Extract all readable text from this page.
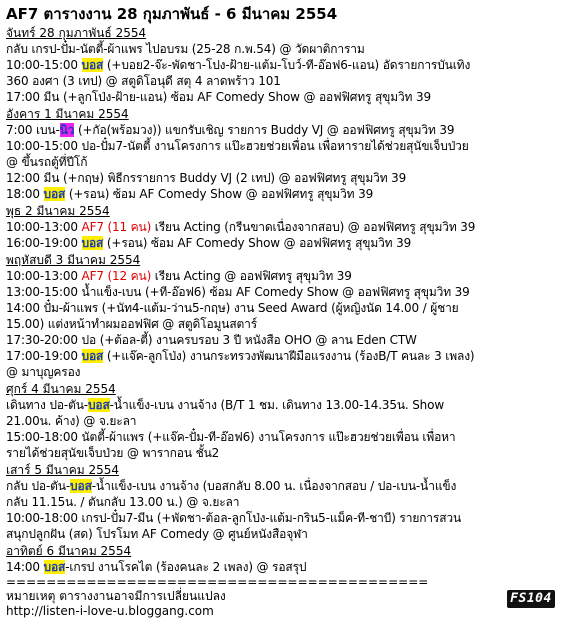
AF7 ตารางงาน 28 กุมภาพันธ์ - 6 มีนาคม 2554
จันทร์ 28 กุมภาพันธ์ 2554
กลับ เกรป-ปั๋ม-นัตตี้-ผ้าแพร ไปอบรม (25-28 ก.พ.54) @ วัดผาติการาม
10:00-15:00 บอส (+บอย2-จ๊ะ-พัดชา-โปง-ฝ้าย-แต้ม-โบว์-ที-อ๊อฟ6-แอน) อัดรายการบันเทิง
360 องศา (3 เทป) @ สตูดิโอนุดี สตุ 4 ลาดพร้าว 101
17:00 มีน (+ลูกโป่ง-ฝ้าย-แอน) ซ้อม AF Comedy Show @ ออฟฟิศทรู สุขุมวิท 39
อังคาร 1 มีนาคม 2554
7:00 เบน-นิว (+กัอ(พร้อมวง)) แขกรับเชิญ รายการ Buddy VJ @ ออฟฟิศทรู สุขุมวิท 39
10:00-15:00 ปอ-ปั๋ม7-นัตตี้ งานโครงการ แป๊ะฮวยช่วยเพื่อน เพื่อหารายได้ช่วยสุนัขเจ็บป่วย
@ ขึ้นรถตู้ที่ปีโก้
12:00 มีน (+กฤษ) พิธีกรรายการ Buddy VJ (2 เทป) @ ออฟฟิศทรู สุขุมวิท 39
18:00 บอส (+รอน) ซ้อม AF Comedy Show @ ออฟฟิศทรู สุขุมวิท 39
พุธ 2 มีนาคม 2554
10:00-13:00 AF7 (11 คน) เรียน Acting (กรีนขาดเนื่องจากสอบ) @ ออฟฟิศทรู สุขุมวิท 39
16:00-19:00 บอส (+รอน) ซ้อม AF Comedy Show @ ออฟฟิศทรู สุขุมวิท 39
พฤหัสบดี 3 มีนาคม 2554
10:00-13:00 AF7 (12 คน) เรียน Acting @ ออฟฟิศทรู สุขุมวิท 39
13:00-15:00 น้ำแข็ง-เบน (+ที-อ๊อฟ6) ซ้อม AF Comedy Show @ ออฟฟิศทรู สุขุมวิท 39
14:00 ปั๋ม-ผ้าแพร (+นัท4-แต้ม-ว่าน5-กฤษ) งาน Seed Award (ผู้หญิงนัด 14.00 / ผู้ชาย
15.00) แต่งหน้าทำผมออฟฟิศ @ สตูดิโอมูนสตาร์
17:30-20:00 ปอ (+ต้อล-ตี้) งานครบรอบ 3 ปี หนังสือ OHO @ ลาน Eden CTW
17:00-19:00 บอส (+แจ๊ค-ลูกโป่ง) งานกระทรวงพัฒนาฝีมือแรงงาน (ร้องB/T คนละ 3 เพลง)
@ มาบุญครอง
ศุกร์ 4 มีนาคม 2554
เดินทาง ปอ-ตัน-บอส-น้ำแข็ง-เบน งานจ้าง (B/T 1 ชม. เดินทาง 13.00-14.35น. Show
21.00น. ค้าง) @ จ.ยะลา
15:00-18:00 นัตตี้-ผ้าแพร (+แจ๊ค-ปั๋ม-ที-อ๊อฟ6) งานโครงการ แป๊ะฮวยช่วยเพื่อน เพื่อหา
รายได้ช่วยสุนัขเจ็บป่วย @ พารากอน ชั้น2
เสาร์ 5 มีนาคม 2554
กลับ ปอ-ตัน-บอส-น้ำแข็ง-เบน งานจ้าง (บอสกลับ 8.00 น. เนื่องจากสอบ / ปอ-เบน-น้ำแข็ง
กลับ 11.15น. / ตันกลับ 13.00 น.) @ จ.ยะลา
10:00-18:00 เกรป-ปั๋ม7-มีน (+พัดชา-ต้อล-ลูกโป่ง-แต้ม-กริน5-แม็ค-ที-ชาบี) รายการสวน
สนุกปลูกฝัน (สด) โปรโมท AF Comedy @ ศูนย์หนังสือจุฬา
อาทิตย์ 6 มีนาคม 2554
14:00 บอส-เกรป งานโรคไต (ร้องคนละ 2 เพลง) @ รอสรุป
==========================================
หมายเหตุ ตารางงานอาจมีการเปลี่ยนแปลง
http://listen-i-love-u.bloggang.com
FS104
